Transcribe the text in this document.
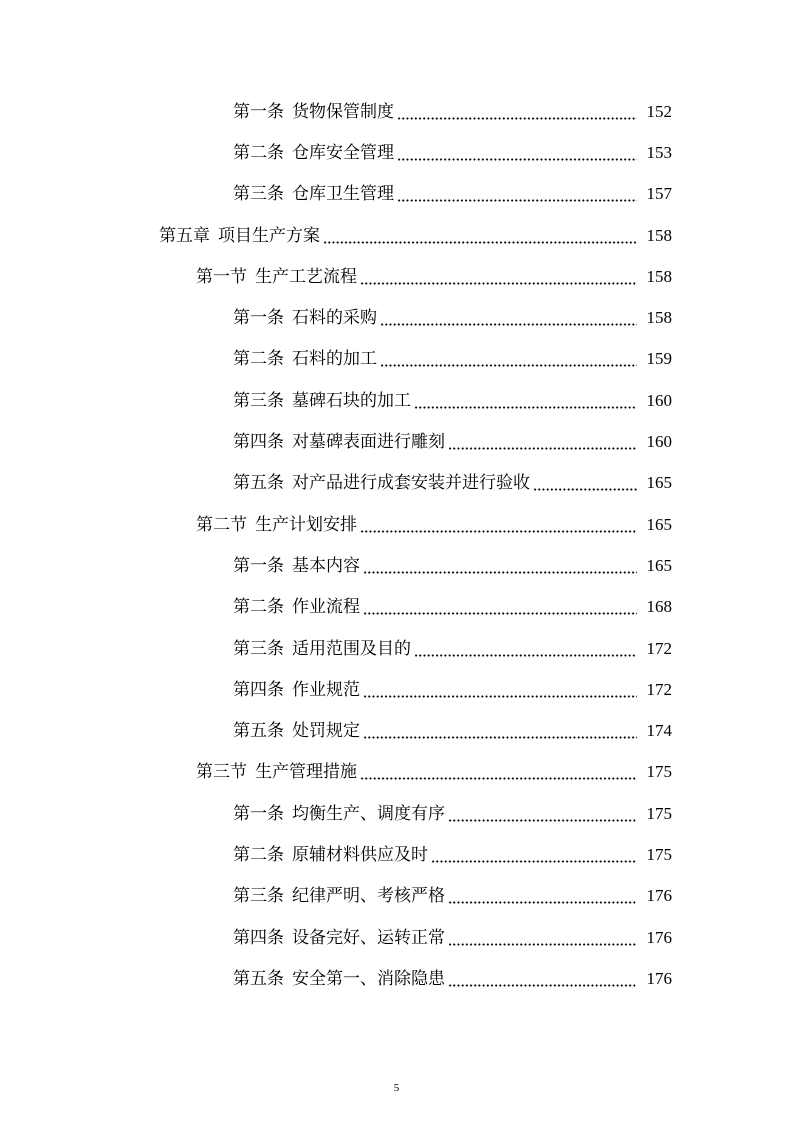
第一条 货物保管制度	152
第二条 仓库安全管理	153
第三条 仓库卫生管理	157
第五章 项目生产方案	158
第一节 生产工艺流程	158
第一条 石料的采购	158
第二条 石料的加工	159
第三条 墓碑石块的加工	160
第四条 对墓碑表面进行雕刻	160
第五条 对产品进行成套安装并进行验收	165
第二节 生产计划安排	165
第一条 基本内容	165
第二条 作业流程	168
第三条 适用范围及目的	172
第四条 作业规范	172
第五条 处罚规定	174
第三节 生产管理措施	175
第一条 均衡生产、调度有序	175
第二条 原辅材料供应及时	175
第三条 纪律严明、考核严格	176
第四条 设备完好、运转正常	176
第五条 安全第一、消除隐患	176
5
